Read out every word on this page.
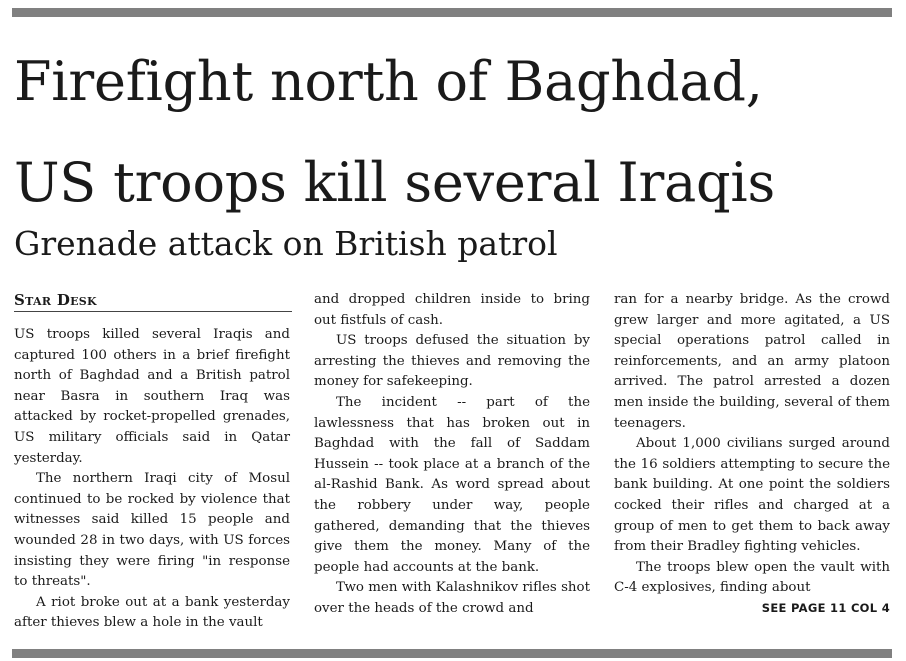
Firefight north of Baghdad,
US troops kill several Iraqis
Grenade attack on British patrol
Star Desk

US troops killed several Iraqis and captured 100 others in a brief firefight north of Baghdad and a British patrol near Basra in southern Iraq was attacked by rocket-propelled grenades, US military officials said in Qatar yesterday.

The northern Iraqi city of Mosul continued to be rocked by violence that witnesses said killed 15 people and wounded 28 in two days, with US forces insisting they were firing "in response to threats".

A riot broke out at a bank yesterday after thieves blew a hole in the vault

and dropped children inside to bring out fistfuls of cash.

US troops defused the situation by arresting the thieves and removing the money for safekeeping.

The incident -- part of the lawlessness that has broken out in Baghdad with the fall of Saddam Hussein -- took place at a branch of the al-Rashid Bank. As word spread about the robbery under way, people gathered, demanding that the thieves give them the money. Many of the people had accounts at the bank.

Two men with Kalashnikov rifles shot over the heads of the crowd and

ran for a nearby bridge. As the crowd grew larger and more agitated, a US special operations patrol called in reinforcements, and an army platoon arrived. The patrol arrested a dozen men inside the building, several of them teenagers.

About 1,000 civilians surged around the 16 soldiers attempting to secure the bank building. At one point the soldiers cocked their rifles and charged at a group of men to get them to back away from their Bradley fighting vehicles.

The troops blew open the vault with C-4 explosives, finding about

SEE PAGE 11 COL 4
